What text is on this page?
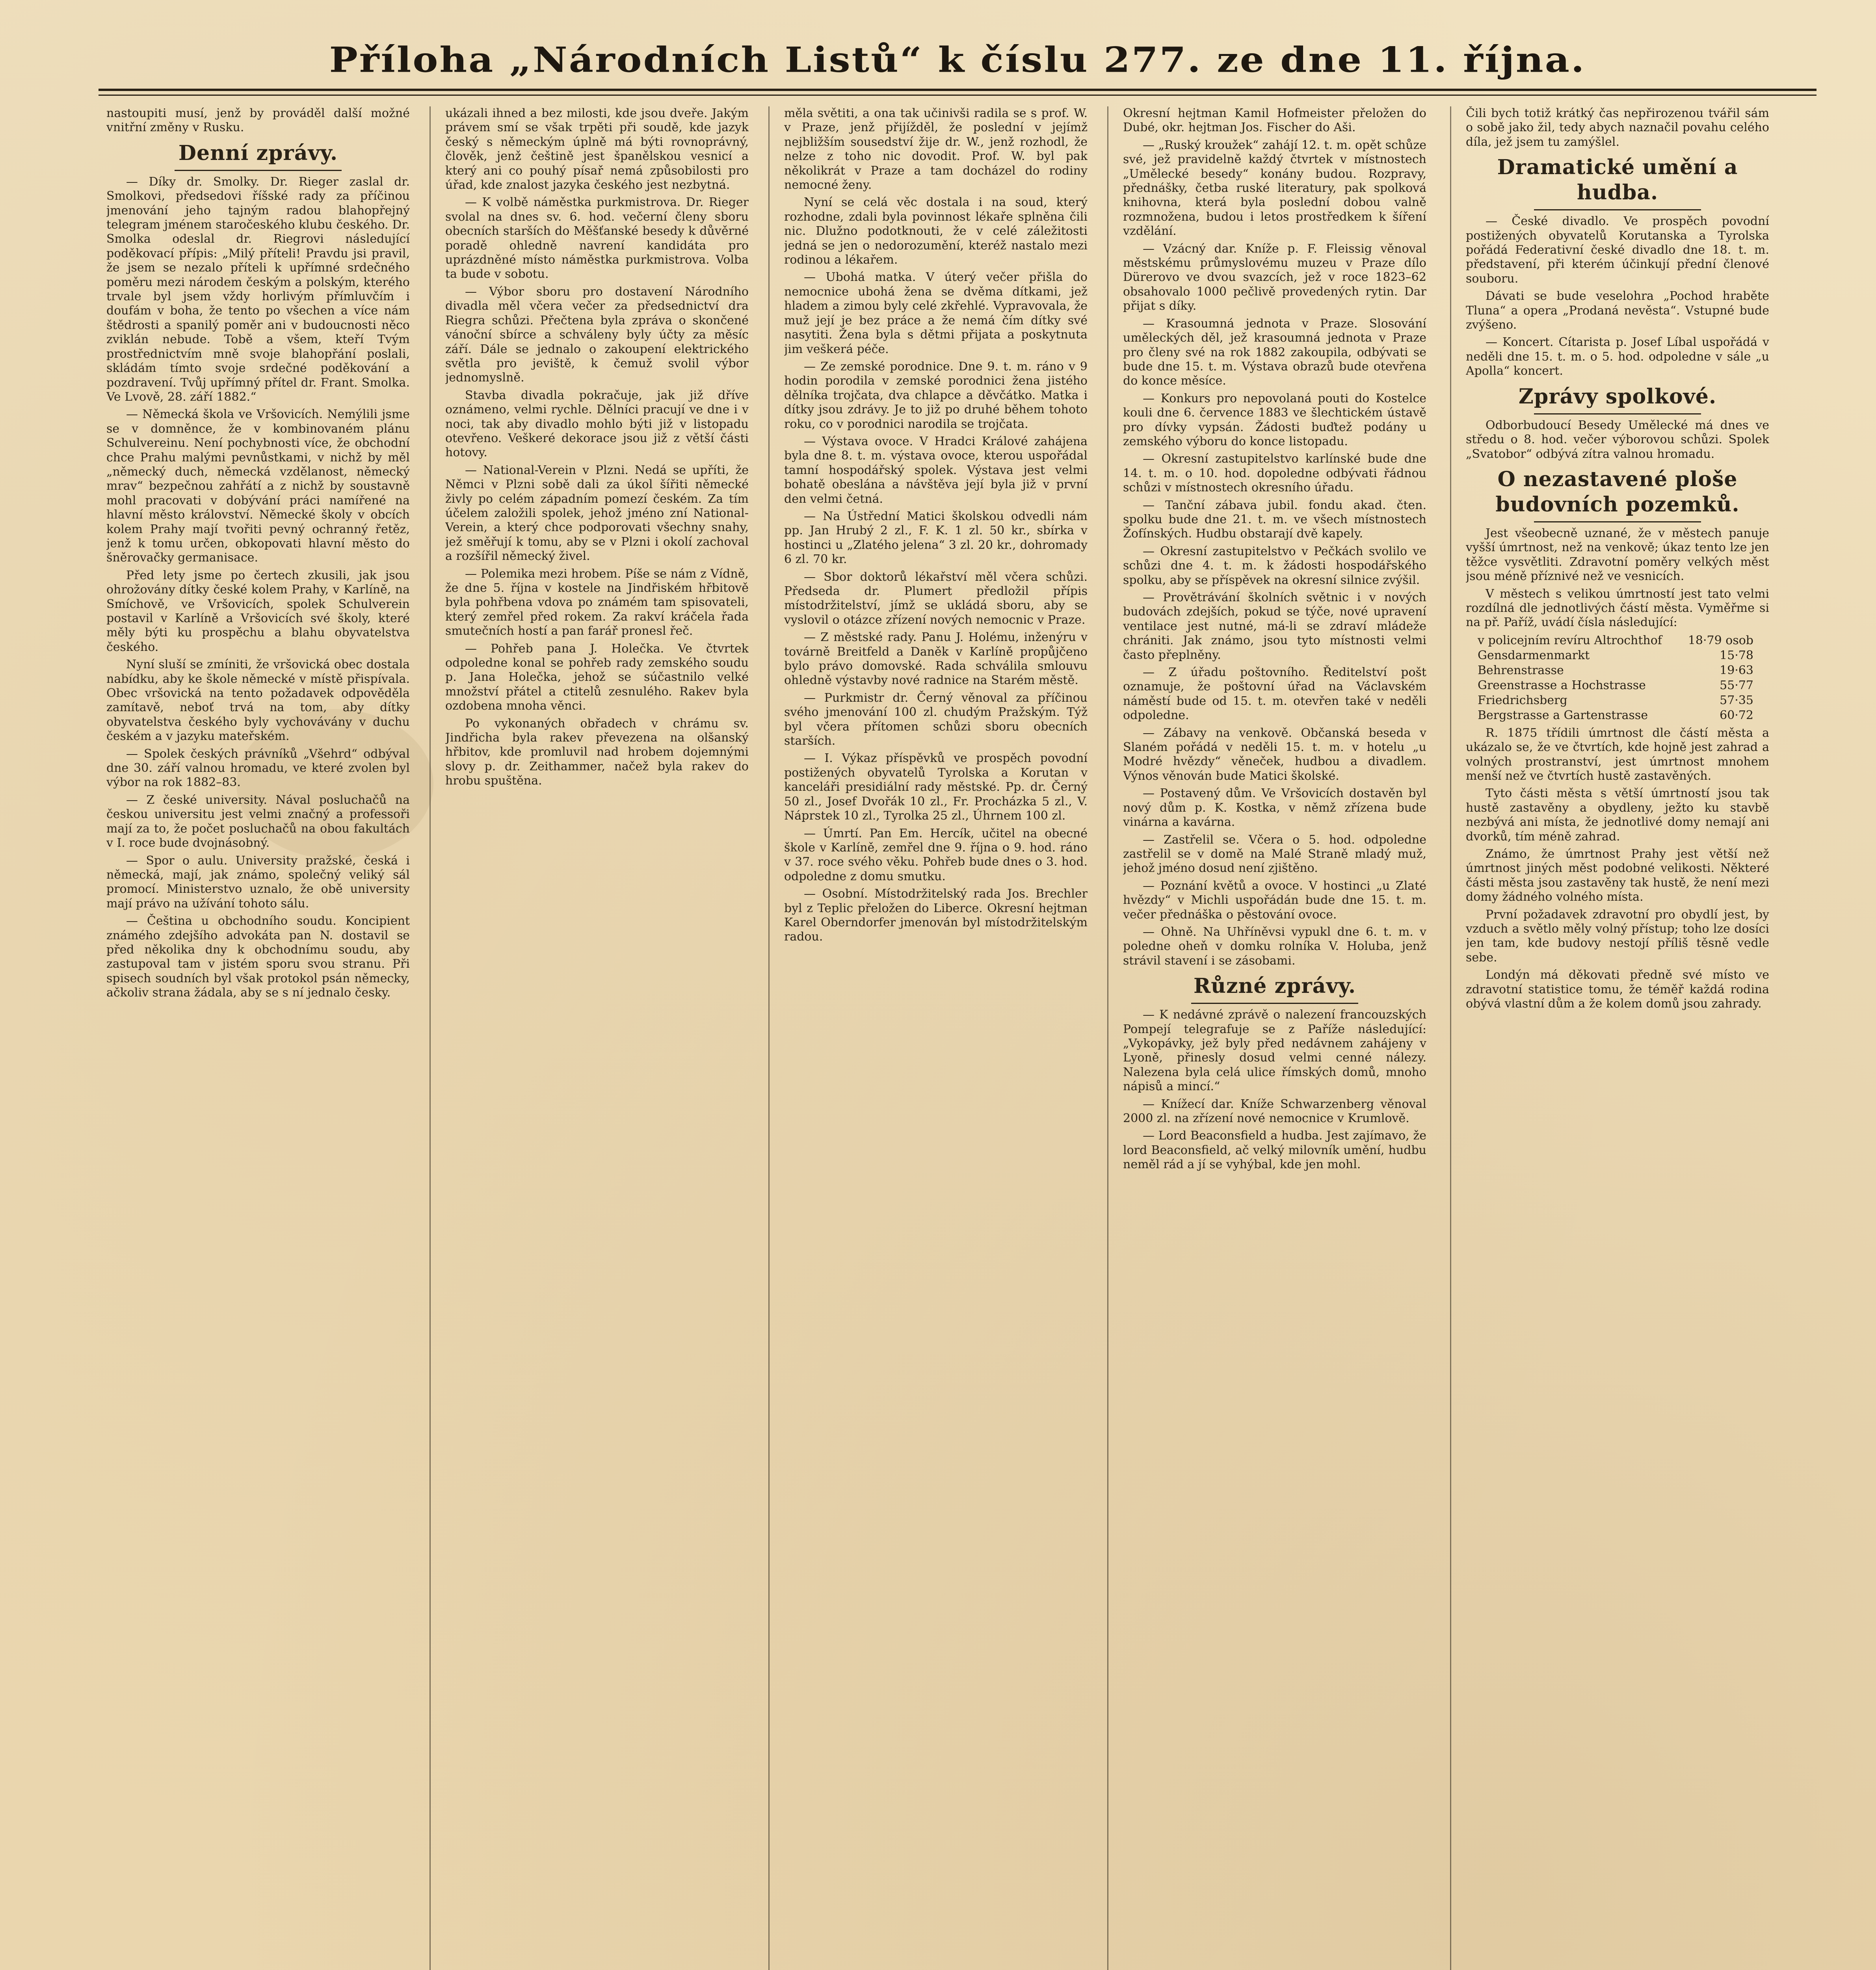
Příloha „Národních Listů“ k číslu 277. ze dne 11. října.

nastoupiti musí, jenž by prováděl další možné vnitřní změny v Rusku.

Denní zprávy.

— Díky dr. Smolky. Dr. Rieger zaslal dr. Smolkovi, předsedovi říšské rady za příčinou jmenování jeho tajným radou blahopřejný telegram jménem staročeského klubu českého. Dr. Smolka odeslal dr. Riegrovi následující poděkovací přípis: „Milý příteli! Pravdu jsi pravil, že jsem se nezalo příteli k upřímné srdečného poměru mezi národem českým a polským, kterého trvale byl jsem vždy horlivým přímluvčím i doufám v boha, že tento po všechen a více nám štědrosti a spanilý poměr ani v budoucnosti něco zviklán nebude. Tobě a všem, kteří Tvým prostřednictvím mně svoje blahopřání poslali, skládám tímto svoje srdečné poděkování a pozdravení. Tvůj upřímný přítel dr. Frant. Smolka. Ve Lvově, 28. září 1882.“

— Německá škola ve Vršovicích. Nemýlili jsme se v domněnce, že v kombinovaném plánu Schulvereinu. Není pochybnosti více, že obchodní chce Prahu malými pevnůstkami, v nichž by měl „německý duch, německá vzdělanost, německý mrav“ bezpečnou zahřátí a z nichž by soustavně mohl pracovati v dobývání práci namířené na hlavní město království. Německé školy v obcích kolem Prahy mají tvořiti pevný ochranný řetěz, jenž k tomu určen, obkopovati hlavní město do šněrovačky germanisace.

Před lety jsme po čertech zkusili, jak jsou ohrožovány dítky české kolem Prahy, v Karlíně, na Smíchově, ve Vršovicích, spolek Schulverein postavil v Karlíně a Vršovicích své školy, které měly býti ku prospěchu a blahu obyvatelstva českého.

Nyní sluší se zmíniti, že vršovická obec dostala nabídku, aby ke škole německé v místě přispívala. Obec vršovická na tento požadavek odpověděla zamítavě, neboť trvá na tom, aby dítky obyvatelstva českého byly vychovávány v duchu českém a v jazyku mateřském.

— Spolek českých právníků „Všehrd“ odbýval dne 30. září valnou hromadu, ve které zvolen byl výbor na rok 1882–83.

— Z české university. Nával posluchačů na českou universitu jest velmi značný a professoři mají za to, že počet posluchačů na obou fakultách v I. roce bude dvojnásobný.

— Spor o aulu. University pražské, česká i německá, mají, jak známo, společný veliký sál promocí. Ministerstvo uznalo, že obě university mají právo na užívání tohoto sálu.

— Čeština u obchodního soudu. Koncipient známého zdejšího advokáta pan N. dostavil se před několika dny k obchodnímu soudu, aby zastupoval tam v jistém sporu svou stranu. Při spisech soudních byl však protokol psán německy, ačkoliv strana žádala, aby se s ní jednalo česky.

ukázali ihned a bez milosti, kde jsou dveře. Jakým právem smí se však trpěti při soudě, kde jazyk český s německým úplně má býti rovnoprávný, člověk, jenž češtině jest španělskou vesnicí a který ani co pouhý písař nemá způsobilosti pro úřad, kde znalost jazyka českého jest nezbytná.

— K volbě náměstka purkmistrova. Dr. Rieger svolal na dnes sv. 6. hod. večerní členy sboru obecních starších do Měšťanské besedy k důvěrné poradě ohledně navrení kandidáta pro uprázdněné místo náměstka purkmistrova. Volba ta bude v sobotu.

— Výbor sboru pro dostavení Národního divadla měl včera večer za předsednictví dra Riegra schůzi. Přečtena byla zpráva o skončené vánoční sbírce a schváleny byly účty za měsíc září. Dále se jednalo o zakoupení elektrického světla pro jeviště, k čemuž svolil výbor jednomyslně.

Stavba divadla pokračuje, jak již dříve oznámeno, velmi rychle. Dělníci pracují ve dne i v noci, tak aby divadlo mohlo býti již v listopadu otevřeno. Veškeré dekorace jsou již z větší části hotovy.

— National-Verein v Plzni. Nedá se upříti, že Němci v Plzni sobě dali za úkol šířiti německé živly po celém západním pomezí českém. Za tím účelem založili spolek, jehož jméno zní National-Verein, a který chce podporovati všechny snahy, jež směřují k tomu, aby se v Plzni i okolí zachoval a rozšířil německý živel.

— Polemika mezi hrobem. Píše se nám z Vídně, že dne 5. října v kostele na Jindřiském hřbitově byla pohřbena vdova po známém tam spisovateli, který zemřel před rokem. Za rakví kráčela řada smutečních hostí a pan farář pronesl řeč.

— Pohřeb pana J. Holečka. Ve čtvrtek odpoledne konal se pohřeb rady zemského soudu p. Jana Holečka, jehož se súčastnilo velké množství přátel a ctitelů zesnulého. Rakev byla ozdobena mnoha věnci.

Po vykonaných obřadech v chrámu sv. Jindřicha byla rakev převezena na olšanský hřbitov, kde promluvil nad hrobem dojemnými slovy p. dr. Zeithammer, načež byla rakev do hrobu spuštěna.

měla světiti, a ona tak učinivši radila se s prof. W. v Praze, jenž přijížděl, že poslední v jejímž nejbližším sousedství žije dr. W., jenž rozhodl, že nelze z toho nic dovodit. Prof. W. byl pak několikrát v Praze a tam docházel do rodiny nemocné ženy.

Nyní se celá věc dostala i na soud, který rozhodne, zdali byla povinnost lékaře splněna čili nic. Dlužno podotknouti, že v celé záležitosti jedná se jen o nedorozumění, kteréž nastalo mezi rodinou a lékařem.

— Ubohá matka. V úterý večer přišla do nemocnice ubohá žena se dvěma dítkami, jež hladem a zimou byly celé zkřehlé. Vypravovala, že muž její je bez práce a že nemá čím dítky své nasytiti. Žena byla s dětmi přijata a poskytnuta jim veškerá péče.

— Ze zemské porodnice. Dne 9. t. m. ráno v 9 hodin porodila v zemské porodnici žena jistého dělníka trojčata, dva chlapce a děvčátko. Matka i dítky jsou zdrávy. Je to již po druhé během tohoto roku, co v porodnici narodila se trojčata.

— Výstava ovoce. V Hradci Králové zahájena byla dne 8. t. m. výstava ovoce, kterou uspořádal tamní hospodářský spolek. Výstava jest velmi bohatě obeslána a návštěva její byla již v první den velmi četná.

— Na Ústřední Matici školskou odvedli nám pp. Jan Hrubý 2 zl., F. K. 1 zl. 50 kr., sbírka v hostinci u „Zlatého jelena“ 3 zl. 20 kr., dohromady 6 zl. 70 kr.

— Sbor doktorů lékařství měl včera schůzi. Předseda dr. Plumert předložil přípis místodržitelství, jímž se ukládá sboru, aby se vyslovil o otázce zřízení nových nemocnic v Praze.

— Z městské rady. Panu J. Holému, inženýru v továrně Breitfeld a Daněk v Karlíně propůjčeno bylo právo domovské. Rada schválila smlouvu ohledně výstavby nové radnice na Starém městě.

— Purkmistr dr. Černý věnoval za příčinou svého jmenování 100 zl. chudým Pražským. Týž byl včera přítomen schůzi sboru obecních starších.

— I. Výkaz příspěvků ve prospěch povodní postižených obyvatelů Tyrolska a Korutan v kanceláři presidiální rady městské. Pp. dr. Černý 50 zl., Josef Dvořák 10 zl., Fr. Procházka 5 zl., V. Náprstek 10 zl., Tyrolka 25 zl., Úhrnem 100 zl.

— Úmrtí. Pan Em. Hercík, učitel na obecné škole v Karlíně, zemřel dne 9. října o 9. hod. ráno v 37. roce svého věku. Pohřeb bude dnes o 3. hod. odpoledne z domu smutku.

— Osobní. Místodržitelský rada Jos. Brechler byl z Teplic přeložen do Liberce. Okresní hejtman Karel Oberndorfer jmenován byl místodržitelským radou.

Okresní hejtman Kamil Hofmeister přeložen do Dubé, okr. hejtman Jos. Fischer do Aši.

— „Ruský kroužek“ zahájí 12. t. m. opět schůze své, jež pravidelně každý čtvrtek v místnostech „Umělecké besedy“ konány budou. Rozpravy, přednášky, četba ruské literatury, pak spolková knihovna, která byla poslední dobou valně rozmnožena, budou i letos prostředkem k šíření vzdělání.

— Vzácný dar. Kníže p. F. Fleissig věnoval městskému průmyslovému muzeu v Praze dílo Dürerovo ve dvou svazcích, jež v roce 1823–62 obsahovalo 1000 pečlivě provedených rytin. Dar přijat s díky.

— Krasoumná jednota v Praze. Slosování uměleckých děl, jež krasoumná jednota v Praze pro členy své na rok 1882 zakoupila, odbývati se bude dne 15. t. m. Výstava obrazů bude otevřena do konce měsíce.

— Konkurs pro nepovolaná pouti do Kostelce kouli dne 6. července 1883 ve šlechtickém ústavě pro dívky vypsán. Žádosti buďtež podány u zemského výboru do konce listopadu.

— Okresní zastupitelstvo karlínské bude dne 14. t. m. o 10. hod. dopoledne odbývati řádnou schůzi v místnostech okresního úřadu.

— Tanční zábava jubil. fondu akad. čten. spolku bude dne 21. t. m. ve všech místnostech Žofínských. Hudbu obstarají dvě kapely.

— Okresní zastupitelstvo v Pečkách svolilo ve schůzi dne 4. t. m. k žádosti hospodářského spolku, aby se příspěvek na okresní silnice zvýšil.

— Provětrávání školních světnic i v nových budovách zdejších, pokud se týče, nové upravení ventilace jest nutné, má-li se zdraví mládeže chrániti. Jak známo, jsou tyto místnosti velmi často přeplněny.

— Z úřadu poštovního. Ředitelství pošt oznamuje, že poštovní úřad na Václavském náměstí bude od 15. t. m. otevřen také v neděli odpoledne.

— Zábavy na venkově. Občanská beseda v Slaném pořádá v neděli 15. t. m. v hotelu „u Modré hvězdy“ věneček, hudbou a divadlem. Výnos věnován bude Matici školské.

— Postavený dům. Ve Vršovicích dostavěn byl nový dům p. K. Kostka, v němž zřízena bude vinárna a kavárna.

— Zastřelil se. Včera o 5. hod. odpoledne zastřelil se v domě na Malé Straně mladý muž, jehož jméno dosud není zjištěno.

— Poznání květů a ovoce. V hostinci „u Zlaté hvězdy“ v Michli uspořádán bude dne 15. t. m. večer přednáška o pěstování ovoce.

— Ohně. Na Uhříněvsi vypukl dne 6. t. m. v poledne oheň v domku rolníka V. Holuba, jenž strávil stavení i se zásobami.

Různé zprávy.

— K nedávné zprávě o nalezení francouzských Pompejí telegrafuje se z Paříže následující: „Vykopávky, jež byly před nedávnem zahájeny v Lyoně, přinesly dosud velmi cenné nálezy. Nalezena byla celá ulice římských domů, mnoho nápisů a mincí.“

— Knížecí dar. Kníže Schwarzenberg věnoval 2000 zl. na zřízení nové nemocnice v Krumlově.

— Lord Beaconsfield a hudba. Jest zajímavo, že lord Beaconsfield, ač velký milovník umění, hudbu neměl rád a jí se vyhýbal, kde jen mohl.

Čili bych totiž krátký čas nepřirozenou tvářil sám o sobě jako žil, tedy abych naznačil povahu celého díla, jež jsem tu zamýšlel.

Dramatické umění a hudba.

— České divadlo. Ve prospěch povodní postižených obyvatelů Korutanska a Tyrolska pořádá Federativní české divadlo dne 18. t. m. představení, při kterém účinkují přední členové souboru.

Dávati se bude veselohra „Pochod hraběte Tluna“ a opera „Prodaná nevěsta“. Vstupné bude zvýšeno.

— Koncert. Cítarista p. Josef Líbal uspořádá v neděli dne 15. t. m. o 5. hod. odpoledne v sále „u Apolla“ koncert.

Zprávy spolkové.

Odborbudoucí Besedy Umělecké má dnes ve středu o 8. hod. večer výborovou schůzi. Spolek „Svatobor“ odbývá zítra valnou hromadu.

O nezastavené ploše budovních pozemků.

Jest všeobecně uznané, že v městech panuje vyšší úmrtnost, než na venkově; úkaz tento lze jen těžce vysvětliti. Zdravotní poměry velkých měst jsou méně příznivé než ve vesnicích.

V městech s velikou úmrtností jest tato velmi rozdílná dle jednotlivých částí města. Vyměřme si na př. Paříž, uvádí čísla následující:

v policejním revíru Altrochthof 18·79 osob
Gensdarmenmarkt	15·78
Behrenstrasse	19·63
Greenstrasse a Hochstrasse	55·77
Friedrichsberg	57·35
Bergstrasse a Gartenstrasse	60·72

R. 1875 třídili úmrtnost dle částí města a ukázalo se, že ve čtvrtích, kde hojně jest zahrad a volných prostranství, jest úmrtnost mnohem menší než ve čtvrtích hustě zastavěných.

Tyto části města s větší úmrtností jsou tak hustě zastavěny a obydleny, ježto ku stavbě nezbývá ani místa, že jednotlivé domy nemají ani dvorků, tím méně zahrad.

Známo, že úmrtnost Prahy jest větší než úmrtnost jiných měst podobné velikosti. Některé části města jsou zastavěny tak hustě, že není mezi domy žádného volného místa.

První požadavek zdravotní pro obydlí jest, by vzduch a světlo měly volný přístup; toho lze dosíci jen tam, kde budovy nestojí příliš těsně vedle sebe.

Londýn má děkovati předně své místo ve zdravotní statistice tomu, že téměř každá rodina obývá vlastní dům a že kolem domů jsou zahrady.
